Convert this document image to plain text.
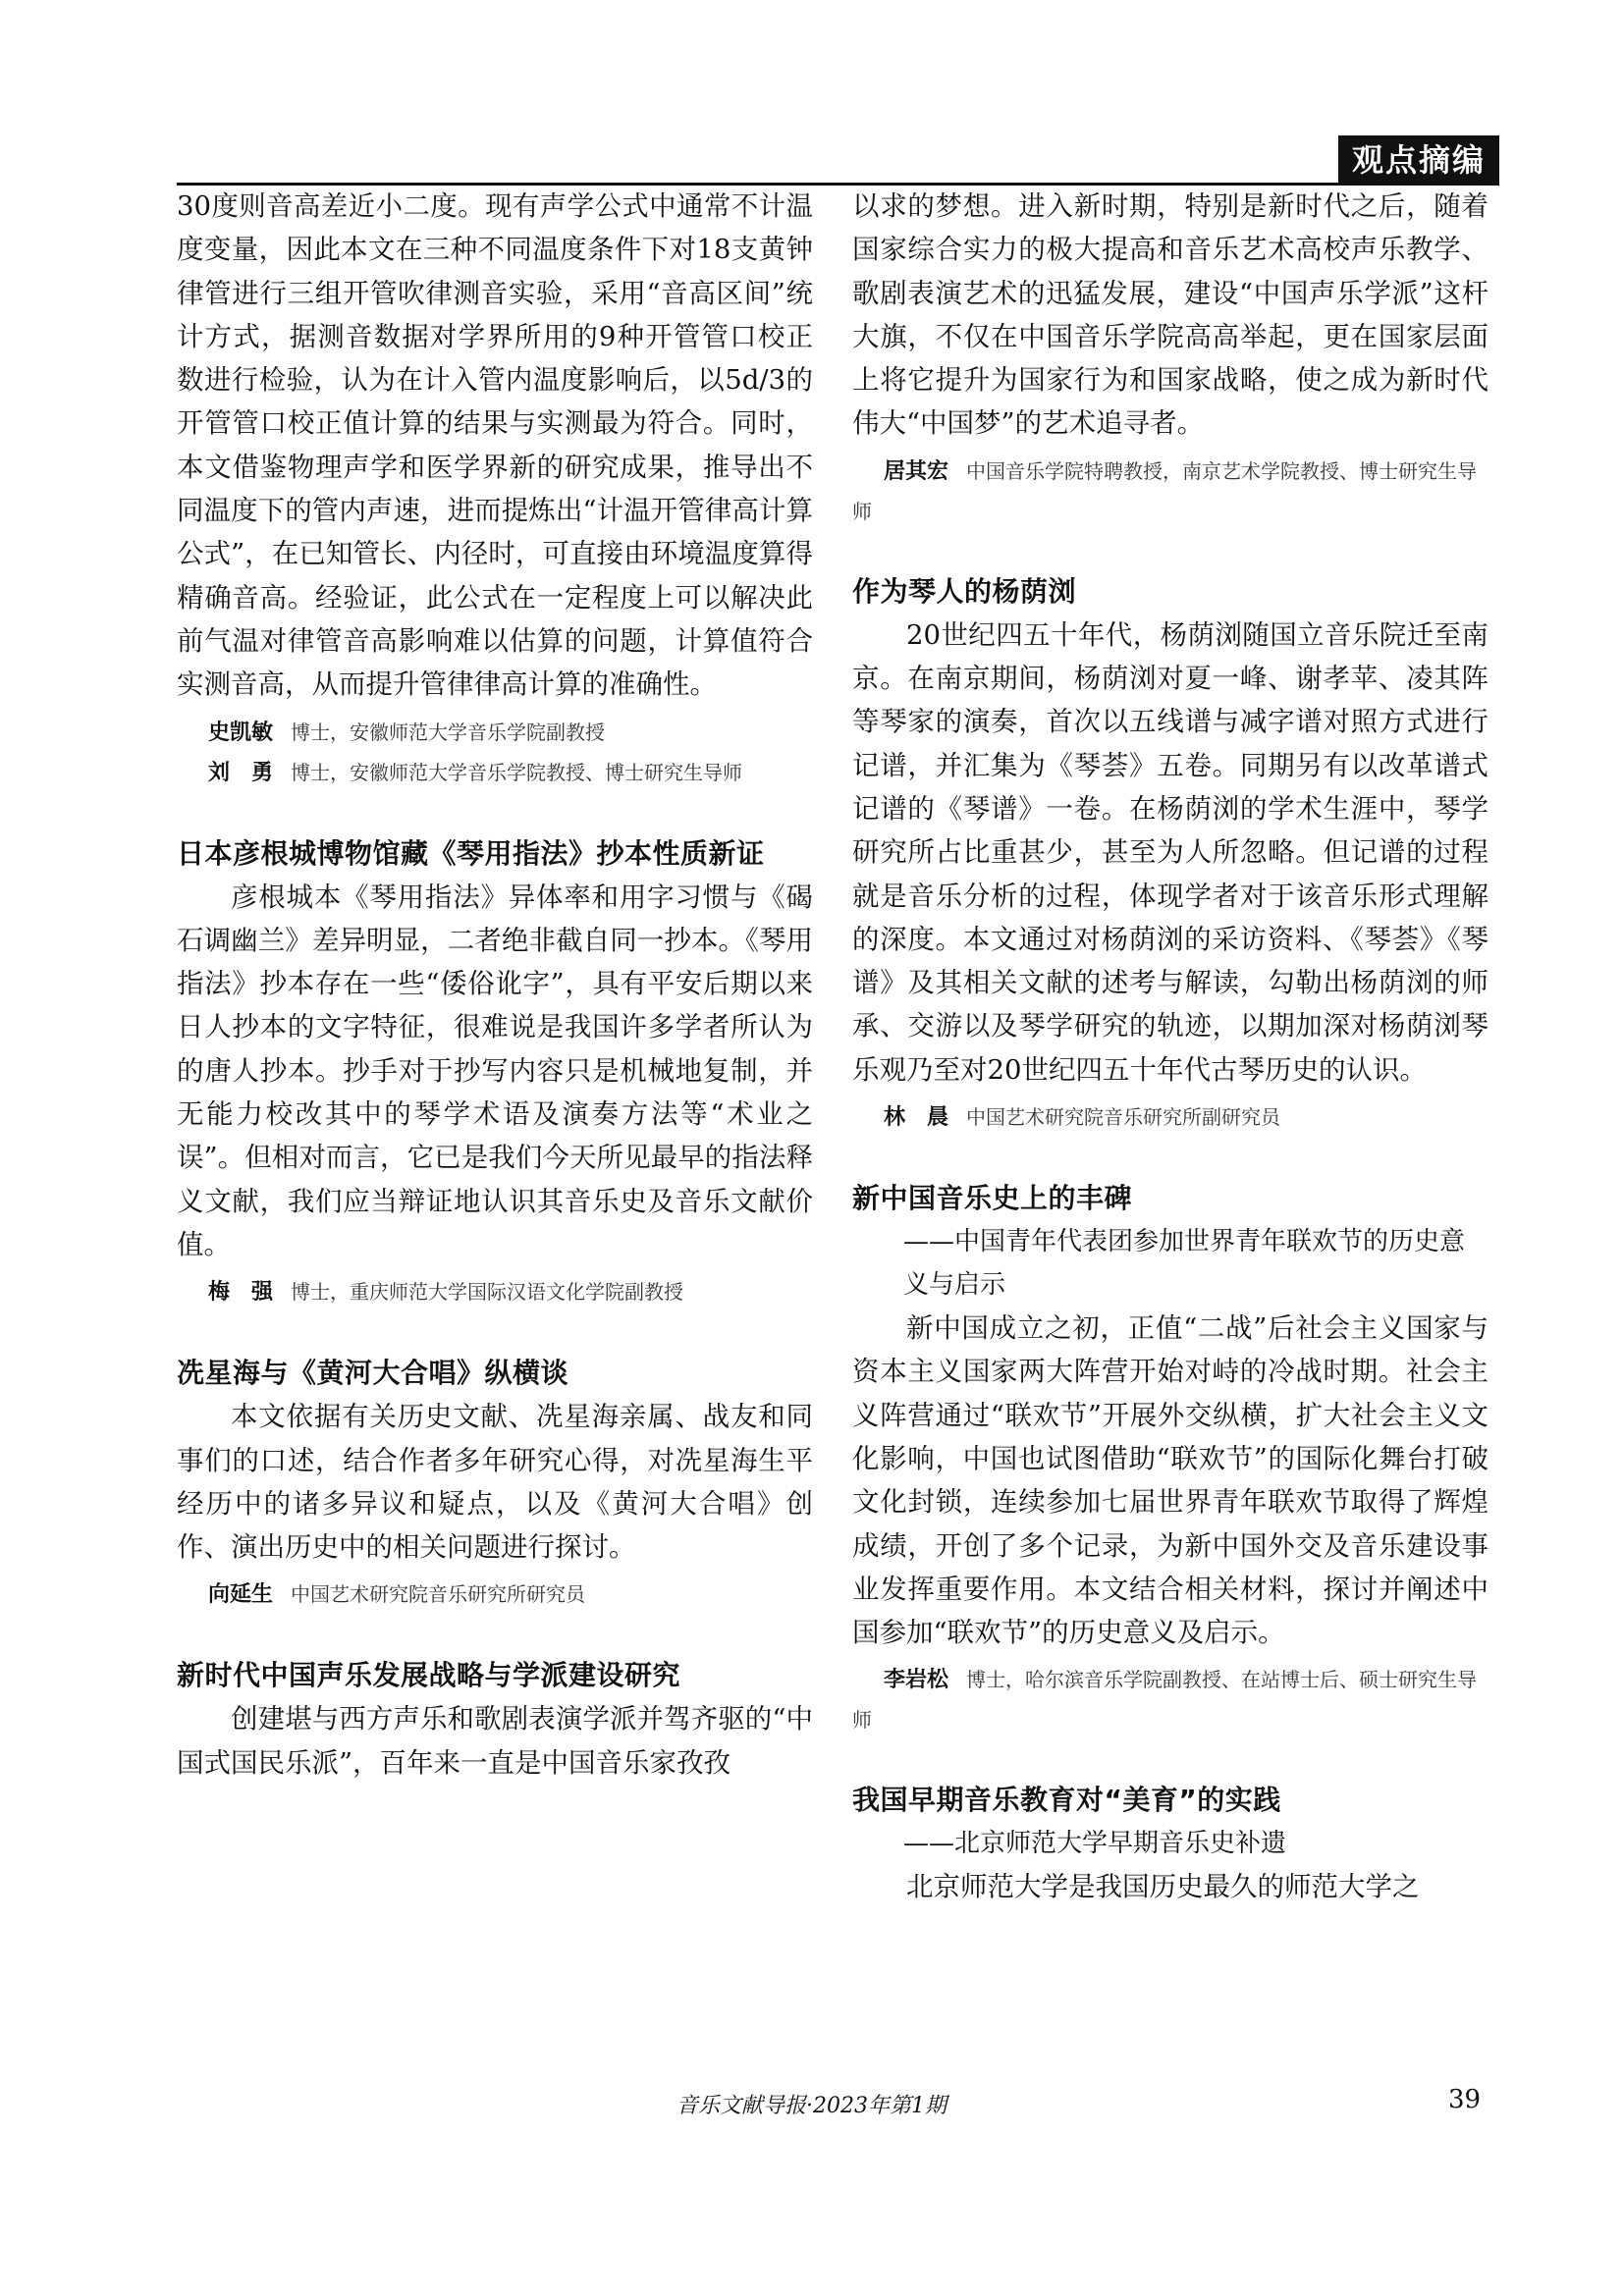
观点摘编

30度则音高差近小二度。现有声学公式中通常不计温度变量，因此本文在三种不同温度条件下对18支黄钟律管进行三组开管吹律测音实验，采用“音高区间”统计方式，据测音数据对学界所用的9种开管管口校正数进行检验，认为在计入管内温度影响后，以5d/3的开管管口校正值计算的结果与实测最为符合。同时，本文借鉴物理声学和医学界新的研究成果，推导出不同温度下的管内声速，进而提炼出“计温开管律高计算公式”，在已知管长、内径时，可直接由环境温度算得精确音高。经验证，此公式在一定程度上可以解决此前气温对律管音高影响难以估算的问题，计算值符合实测音高，从而提升管律律高计算的准确性。

史凯敏 博士，安徽师范大学音乐学院副教授

刘　勇 博士，安徽师范大学音乐学院教授、博士研究生导师

日本彦根城博物馆藏《琴用指法》抄本性质新证

彦根城本《琴用指法》异体率和用字习惯与《碣石调幽兰》差异明显，二者绝非截自同一抄本。《琴用指法》抄本存在一些“倭俗讹字”，具有平安后期以来日人抄本的文字特征，很难说是我国许多学者所认为的唐人抄本。抄手对于抄写内容只是机械地复制，并无能力校改其中的琴学术语及演奏方法等“术业之误”。但相对而言，它已是我们今天所见最早的指法释义文献，我们应当辩证地认识其音乐史及音乐文献价值。

梅　强 博士，重庆师范大学国际汉语文化学院副教授

冼星海与《黄河大合唱》纵横谈

本文依据有关历史文献、冼星海亲属、战友和同事们的口述，结合作者多年研究心得，对冼星海生平经历中的诸多异议和疑点，以及《黄河大合唱》创作、演出历史中的相关问题进行探讨。

向延生 中国艺术研究院音乐研究所研究员

新时代中国声乐发展战略与学派建设研究

创建堪与西方声乐和歌剧表演学派并驾齐驱的“中国式国民乐派”，百年来一直是中国音乐家孜孜

以求的梦想。进入新时期，特别是新时代之后，随着国家综合实力的极大提高和音乐艺术高校声乐教学、歌剧表演艺术的迅猛发展，建设“中国声乐学派”这杆大旗，不仅在中国音乐学院高高举起，更在国家层面上将它提升为国家行为和国家战略，使之成为新时代伟大“中国梦”的艺术追寻者。

居其宏 中国音乐学院特聘教授，南京艺术学院教授、博士研究生导师

作为琴人的杨荫浏

20世纪四五十年代，杨荫浏随国立音乐院迁至南京。在南京期间，杨荫浏对夏一峰、谢孝苹、凌其阵等琴家的演奏，首次以五线谱与减字谱对照方式进行记谱，并汇集为《琴荟》五卷。同期另有以改革谱式记谱的《琴谱》一卷。在杨荫浏的学术生涯中，琴学研究所占比重甚少，甚至为人所忽略。但记谱的过程就是音乐分析的过程，体现学者对于该音乐形式理解的深度。本文通过对杨荫浏的采访资料、《琴荟》《琴谱》及其相关文献的述考与解读，勾勒出杨荫浏的师承、交游以及琴学研究的轨迹，以期加深对杨荫浏琴乐观乃至对20世纪四五十年代古琴历史的认识。

林　晨 中国艺术研究院音乐研究所副研究员

新中国音乐史上的丰碑

——中国青年代表团参加世界青年联欢节的历史意义与启示

新中国成立之初，正值“二战”后社会主义国家与资本主义国家两大阵营开始对峙的冷战时期。社会主义阵营通过“联欢节”开展外交纵横，扩大社会主义文化影响，中国也试图借助“联欢节”的国际化舞台打破文化封锁，连续参加七届世界青年联欢节取得了辉煌成绩，开创了多个记录，为新中国外交及音乐建设事业发挥重要作用。本文结合相关材料，探讨并阐述中国参加“联欢节”的历史意义及启示。

李岩松 博士，哈尔滨音乐学院副教授、在站博士后、硕士研究生导师

我国早期音乐教育对“美育”的实践

——北京师范大学早期音乐史补遗

北京师范大学是我国历史最久的师范大学之

音乐文献导报·2023年第1期	39
